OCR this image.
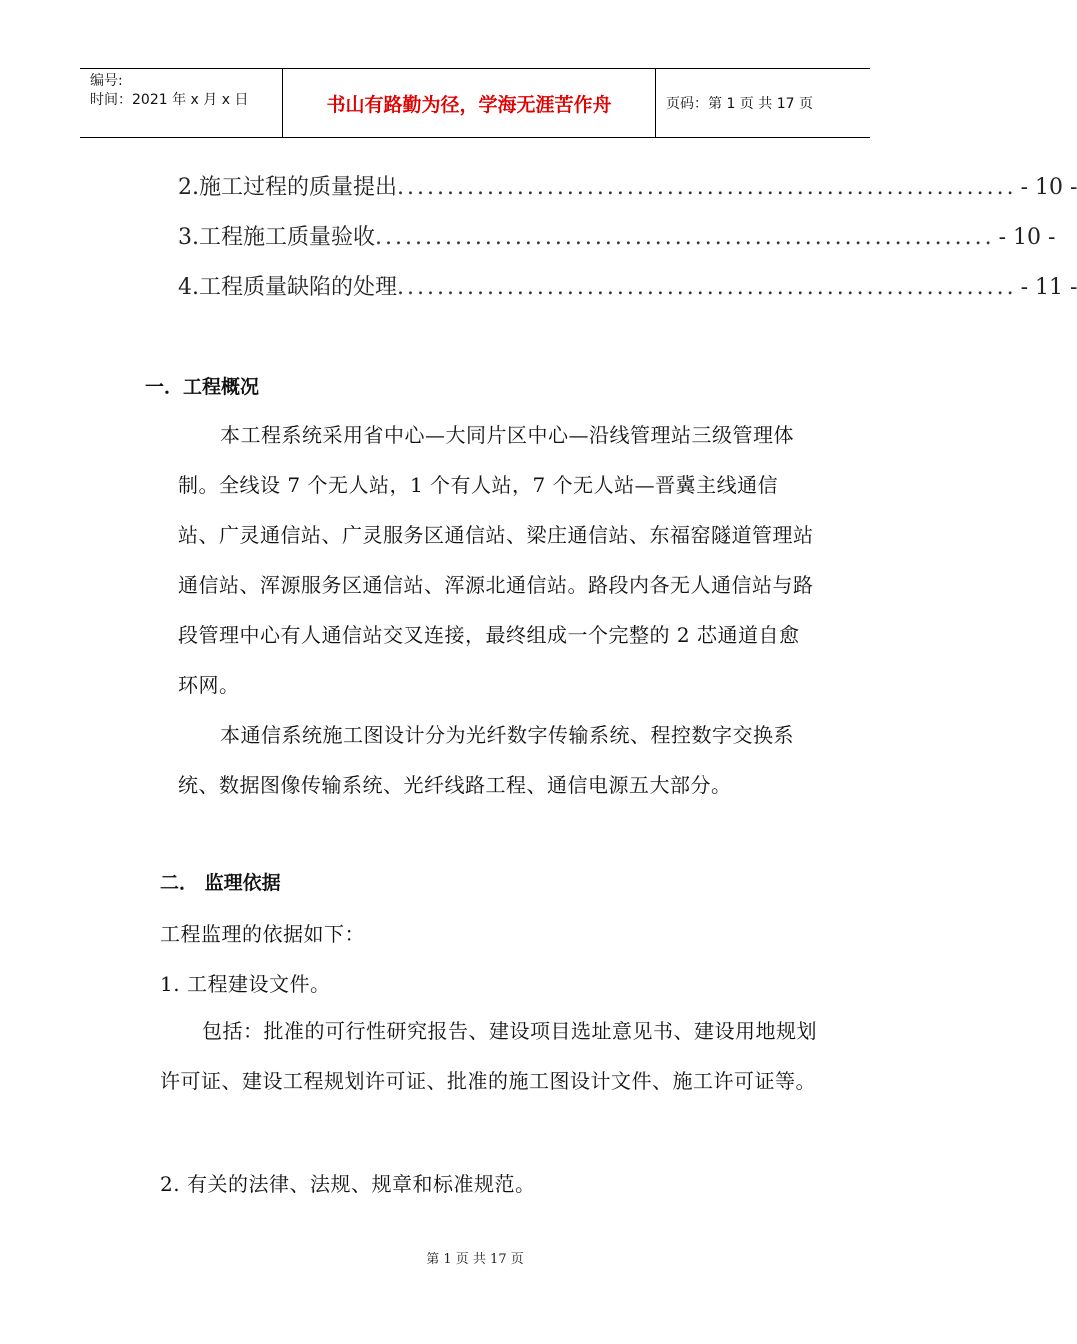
编号:
时间：2021 年 x 月 x 日	书山有路勤为径，学海无涯苦作舟	页码：第 1 页 共 17 页
2.施工过程的质量提出 .............................................................. - 10 -
3.工程施工质量验收 .............................................................. - 10 -
4.工程质量缺陷的处理 .............................................................. - 11 -
一．工程概况
本工程系统采用省中心—大同片区中心—沿线管理站三级管理体制。全线设 7 个无人站，1 个有人站，7 个无人站—晋冀主线通信站、广灵通信站、广灵服务区通信站、梁庄通信站、东福窑隧道管理站通信站、浑源服务区通信站、浑源北通信站。路段内各无人通信站与路段管理中心有人通信站交叉连接，最终组成一个完整的 2 芯通道自愈环网。
本通信系统施工图设计分为光纤数字传输系统、程控数字交换系统、数据图像传输系统、光纤线路工程、通信电源五大部分。
二． 监理依据
工程监理的依据如下：
1. 工程建设文件。
包括：批准的可行性研究报告、建设项目选址意见书、建设用地规划许可证、建设工程规划许可证、批准的施工图设计文件、施工许可证等。
2. 有关的法律、法规、规章和标准规范。
第 1 页 共 17 页
